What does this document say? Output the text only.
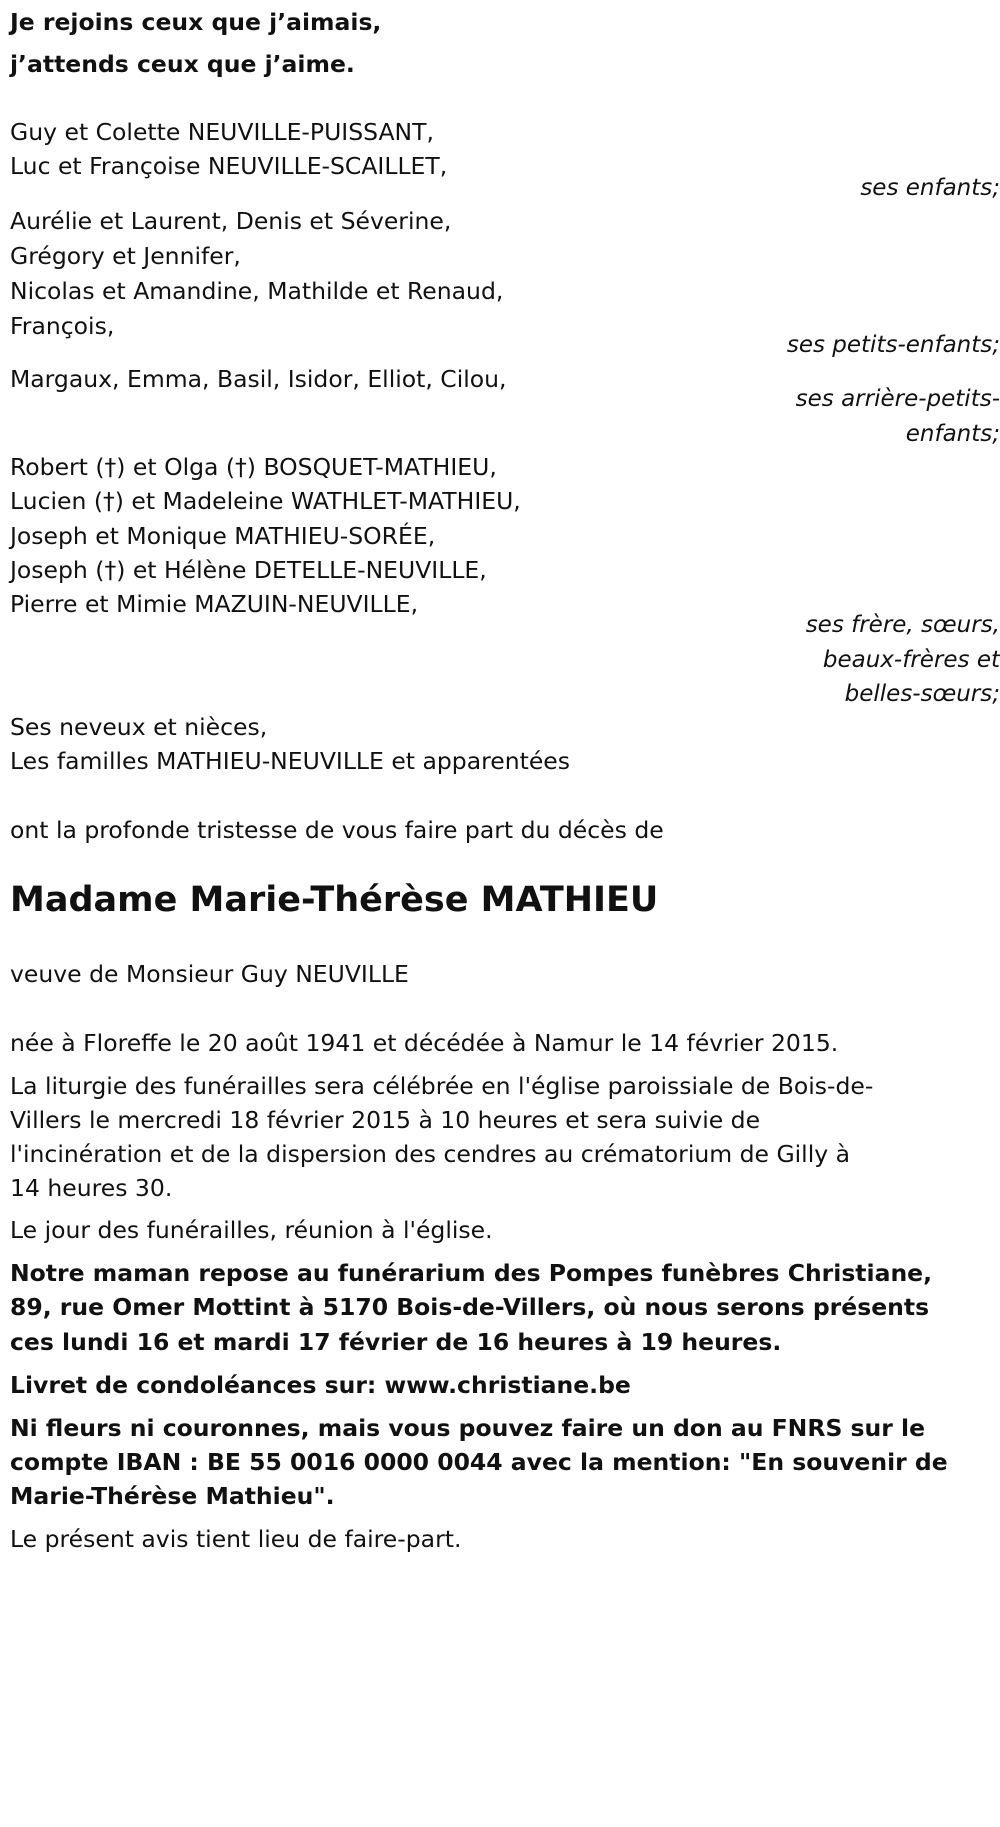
Je rejoins ceux que j’aimais,
j’attends ceux que j’aime.
Guy et Colette NEUVILLE-PUISSANT,
Luc et Françoise NEUVILLE-SCAILLET,
ses enfants;
Aurélie et Laurent, Denis et Séverine,
Grégory et Jennifer,
Nicolas et Amandine, Mathilde et Renaud,
François,
ses petits-enfants;
Margaux, Emma, Basil, Isidor, Elliot, Cilou,
ses arrière-petits-
enfants;
Robert (†) et Olga (†) BOSQUET-MATHIEU,
Lucien (†) et Madeleine WATHLET-MATHIEU,
Joseph et Monique MATHIEU-SORÉE,
Joseph (†) et Hélène DETELLE-NEUVILLE,
Pierre et Mimie MAZUIN-NEUVILLE,
ses frère, sœurs,
beaux-frères et
belles-sœurs;
Ses neveux et nièces,
Les familles MATHIEU-NEUVILLE et apparentées
ont la profonde tristesse de vous faire part du décès de
Madame Marie-Thérèse MATHIEU
veuve de Monsieur Guy NEUVILLE
née à Floreffe le 20 août 1941 et décédée à Namur le 14 février 2015.
La liturgie des funérailles sera célébrée en l'église paroissiale de Bois-de-
Villers le mercredi 18 février 2015 à 10 heures et sera suivie de
l'incinération et de la dispersion des cendres au crématorium de Gilly à
14 heures 30.
Le jour des funérailles, réunion à l'église.
Notre maman repose au funérarium des Pompes funèbres Christiane,
89, rue Omer Mottint à 5170 Bois-de-Villers, où nous serons présents
ces lundi 16 et mardi 17 février de 16 heures à 19 heures.
Livret de condoléances sur: www.christiane.be
Ni fleurs ni couronnes, mais vous pouvez faire un don au FNRS sur le
compte IBAN : BE 55 0016 0000 0044 avec la mention: "En souvenir de
Marie-Thérèse Mathieu".
Le présent avis tient lieu de faire-part.
